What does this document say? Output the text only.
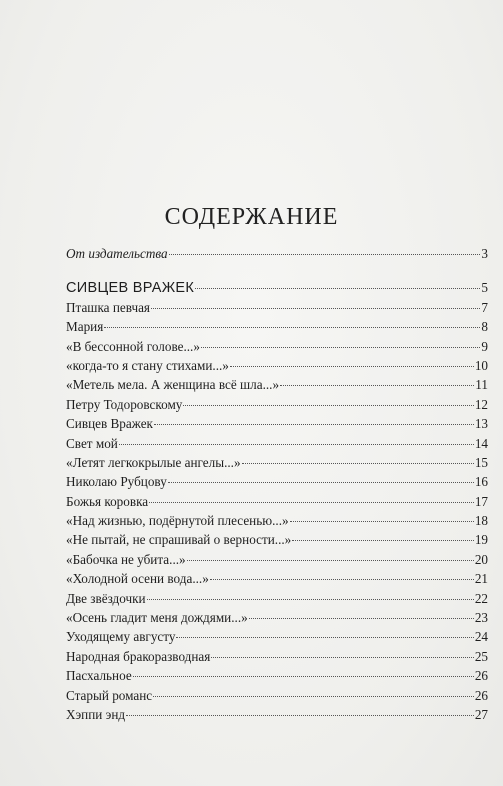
СОДЕРЖАНИЕ
От издательства	3
СИВЦЕВ ВРАЖЕК	5
Пташка певчая	7
Мария	8
«В бессонной голове...»	9
«когда-то я стану стихами...»	10
«Метель мела. А женщина всё шла...»	11
Петру Тодоровскому	12
Сивцев Вражек	13
Свет мой	14
«Летят легкокрылые ангелы...»	15
Николаю Рубцову	16
Божья коровка	17
«Над жизнью, подёрнутой плесенью...»	18
«Не пытай, не спрашивай о верности...»	19
«Бабочка не убита...»	20
«Холодной осени вода...»	21
Две звёздочки	22
«Осень гладит меня дождями...»	23
Уходящему августу	24
Народная бракоразводная	25
Пасхальное	26
Старый романс	26
Хэппи энд	27
